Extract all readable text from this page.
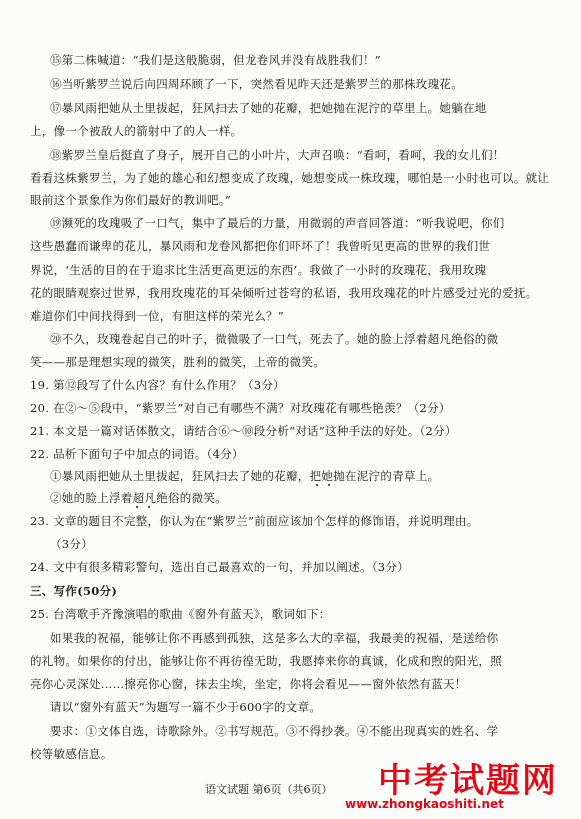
⑮第二株喊道：“我们是这般脆弱，但龙卷风并没有战胜我们！”
⑯当听紫罗兰说后向四周环顾了一下，突然看见昨天还是紫罗兰的那株玫瑰花。
⑰暴风雨把她从土里拔起，狂风扫去了她的花瓣，把她抛在泥泞的草里上。她躺在地
上，像一个被敌人的箭射中了的人一样。
⑱紫罗兰皇后挺直了身子，展开自己的小叶片，大声召唤：“看呵，看呵，我的女儿们！
看看这株紫罗兰，为了她的雄心和幻想变成了玫瑰，她想变成一株玫瑰，哪怕是一小时也可以。就让
眼前这个景象作为你们最好的教训吧。”
⑲濒死的玫瑰吸了一口气，集中了最后的力量，用微弱的声音回答道：“听我说吧，你们
这些愚蠢而谦卑的花儿，暴风雨和龙卷风都把你们吓坏了！我曾听见更高的世界的我们世
界说，‘生活的目的在于追求比生活更高更远的东西’。我做了一小时的玫瑰花，我用玫瑰
花的眼睛观察过世界，我用玫瑰花的耳朵倾听过苍穹的私语，我用玫瑰花的叶片感受过光的爱抚。
难道你们中间找得到一位，有胆这样的荣光么？”
⑳不久，玫瑰卷起自己的叶子，微微吸了一口气，死去了。她的脸上浮着超凡绝俗的微
笑——那是理想实现的微笑，胜利的微笑，上帝的微笑。
19. 第⑫段写了什么内容？有什么作用？（3分）
20. 在②～⑤段中，“紫罗兰”对自己有哪些不满？对玫瑰花有哪些艳羡？（2分）
21. 本文是一篇对话体散文，请结合⑥～⑩段分析“对话”这种手法的好处。（2分）
22. 品析下面句子中加点的词语。（4分）
①暴风雨把她从土里拔起，狂风扫去了她的花瓣，把她抛在泥泞的青草上。
②她的脸上浮着超凡绝俗的微笑。
23. 文章的题目不完整，你认为在“紫罗兰”前面应该加个怎样的修饰语，并说明理由。
（3分）
24. 文中有很多精彩警句，选出自己最喜欢的一句，并加以阐述。（3分）
三、写作(50分)
25. 台湾歌手齐豫演唱的歌曲《窗外有蓝天》，歌词如下：
如果我的祝福，能够让你不再感到孤独，这是多么大的幸福，我最美的祝福，是送给你
的礼物。如果你的付出，能够让你不再彷徨无助，我愿捧来你的真诚，化成和煦的阳光，照
亮你心灵深处……擦亮你心窗，抹去尘埃，坐定，你将会看见——窗外依然有蓝天！
请以“窗外有蓝天”为题写一篇不少于600字的文章。
要求：①文体自选，诗歌除外。②书写规范。③不得抄袭。④不能出现真实的姓名、学
校等敏感信息。
语文试题 第6页（共6页） 中考试题网
www.zhongkaoshiti.net
